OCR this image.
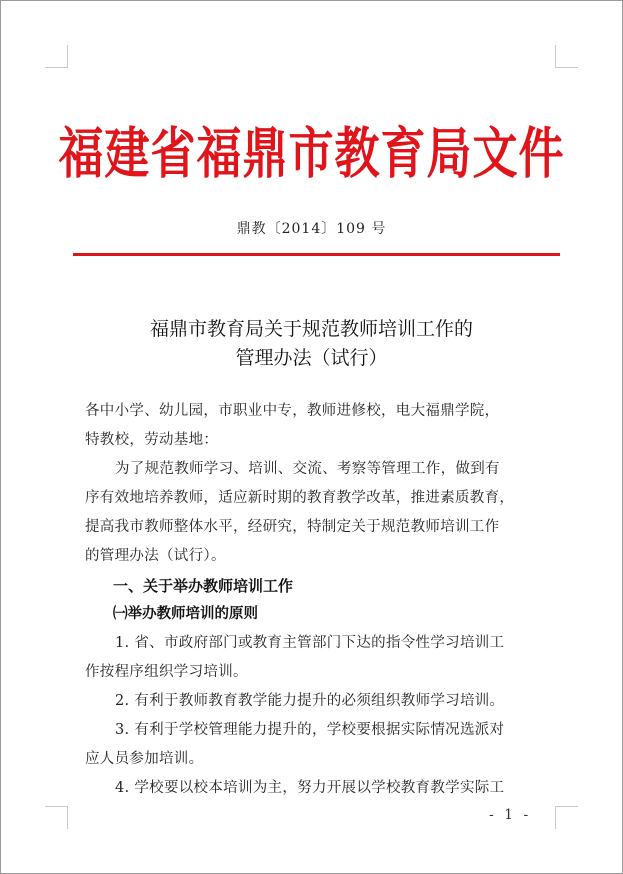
福建省福鼎市教育局文件
鼎教〔2014〕109 号
福鼎市教育局关于规范教师培训工作的
管理办法（试行）
各中小学、幼儿园，市职业中专，教师进修校，电大福鼎学院，
特教校，劳动基地：
为了规范教师学习、培训、交流、考察等管理工作，做到有
序有效地培养教师，适应新时期的教育教学改革，推进素质教育，
提高我市教师整体水平，经研究，特制定关于规范教师培训工作
的管理办法（试行）。
一、关于举办教师培训工作
㈠举办教师培训的原则
1. 省、市政府部门或教育主管部门下达的指令性学习培训工
作按程序组织学习培训。
2. 有利于教师教育教学能力提升的必须组织教师学习培训。
3. 有利于学校管理能力提升的，学校要根据实际情况选派对
应人员参加培训。
4. 学校要以校本培训为主，努力开展以学校教育教学实际工
- 1 -
